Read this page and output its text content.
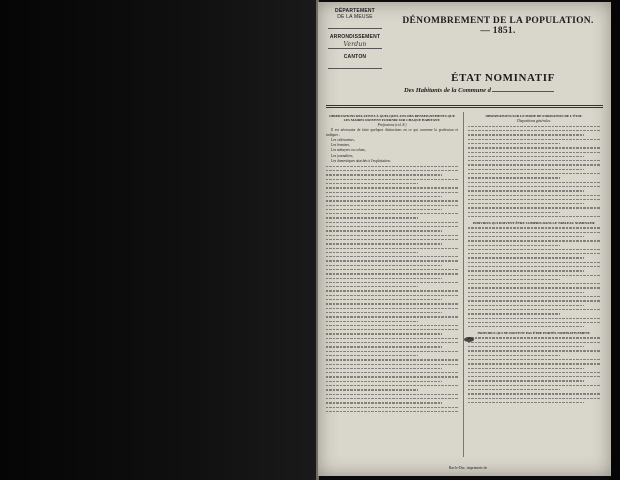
DÉPARTEMENT
DE LA MEUSE
ARRONDISSEMENT
Verdun
CANTON
DÉNOMBREMENT DE LA POPULATION. — 1851.
ÉTAT NOMINATIF
Des Habitants de la Commune d
OBSERVATIONS RELATIVES À QUELQUES-UNS DES RENSEIGNEMENTS QUE LES MAIRES DOIVENT FOURNIR SUR CHAQUE HABITANT.
Professions (col. 8.)
Il est nécessaire de faire quelques distinctions en ce qui concerne la profession et indiquer :
Les cultivateurs,
Les fermiers,
Les métayers ou colons,
Les journaliers,
Les domestiques attachés à l'exploitation.
OBSERVATIONS SUR LE MODE DE FORMATION DE L'ÉTAT.
Dispositions générales.
INDIVIDUS QUI DOIVENT ÊTRE COMPRIS DANS LE TABLEAU NOMINATIF.
INDIVIDUS QUI NE DOIVENT PAS ÊTRE PORTÉS NOMINATIVEMENT.
Bar-le-Duc, imprimerie de
